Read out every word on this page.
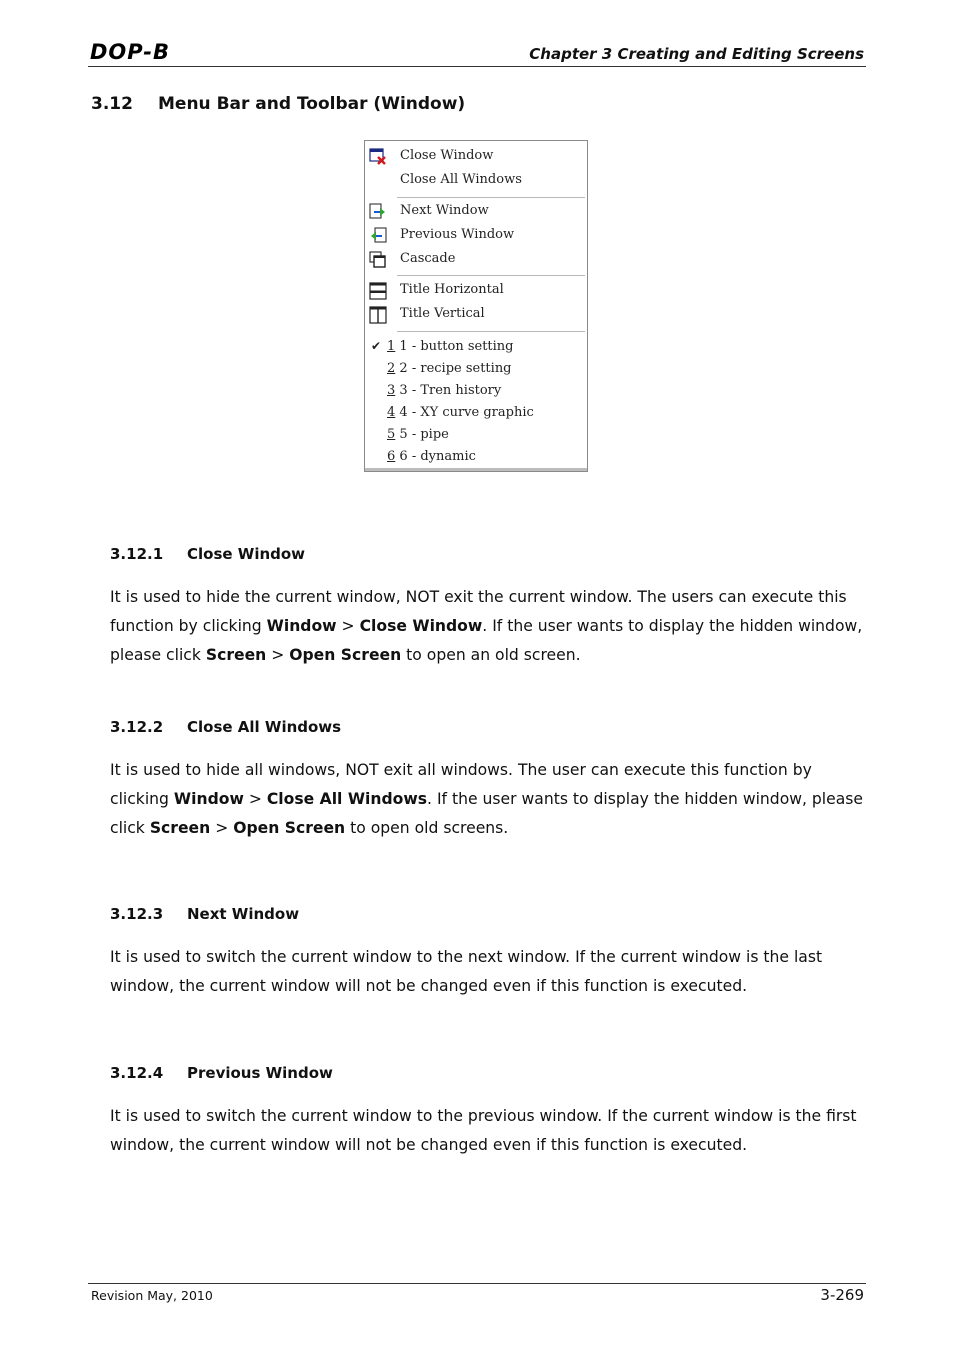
DOP-B	Chapter 3 Creating and Editing Screens
3.12 Menu Bar and Toolbar (Window)
Close Window
Close All Windows
Next Window
Previous Window
Cascade
Title Horizontal
Title Vertical
✔ 1 1 - button setting
2 2 - recipe setting
3 3 - Tren history
4 4 - XY curve graphic
5 5 - pipe
6 6 - dynamic
3.12.1 Close Window
It is used to hide the current window, NOT exit the current window. The users can execute this function by clicking Window > Close Window. If the user wants to display the hidden window, please click Screen > Open Screen to open an old screen.
3.12.2 Close All Windows
It is used to hide all windows, NOT exit all windows. The user can execute this function by clicking Window > Close All Windows. If the user wants to display the hidden window, please click Screen > Open Screen to open old screens.
3.12.3 Next Window
It is used to switch the current window to the next window. If the current window is the last window, the current window will not be changed even if this function is executed.
3.12.4 Previous Window
It is used to switch the current window to the previous window. If the current window is the first window, the current window will not be changed even if this function is executed.
Revision May, 2010	3-269
